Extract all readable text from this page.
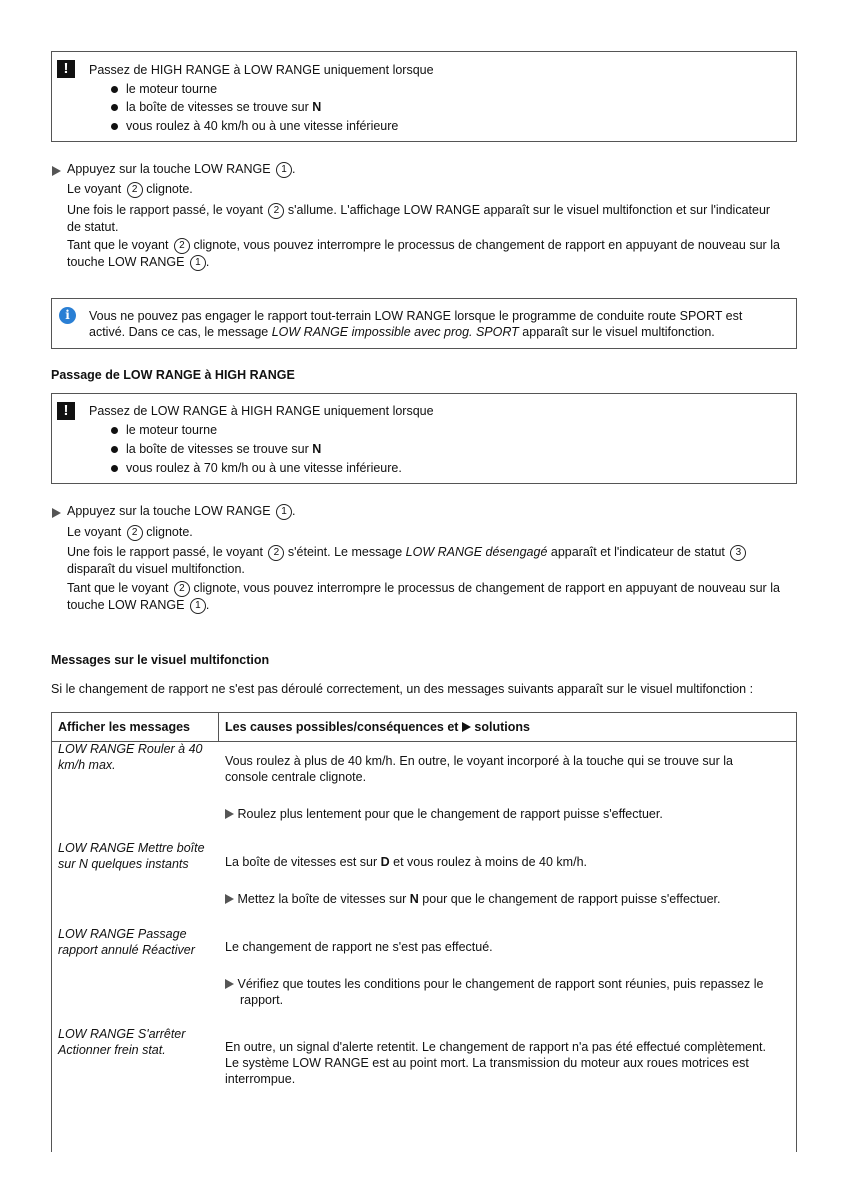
!	Passez de HIGH RANGE à LOW RANGE uniquement lorsque
le moteur tourne
la boîte de vitesses se trouve sur N
vous roulez à 40 km/h ou à une vitesse inférieure
Appuyez sur la touche LOW RANGE 1 .
Le voyant 2 clignote.
Une fois le rapport passé, le voyant 2 s'allume. L'affichage LOW RANGE apparaît sur le visuel multifonction et sur l'indicateur
de statut.
Tant que le voyant 2 clignote, vous pouvez interrompre le processus de changement de rapport en appuyant de nouveau sur la
touche LOW RANGE 1 .
i	Vous ne pouvez pas engager le rapport tout-terrain LOW RANGE lorsque le programme de conduite route SPORT est
activé. Dans ce cas, le message LOW RANGE impossible avec prog. SPORT apparaît sur le visuel multifonction.
Passage de LOW RANGE à HIGH RANGE
!	Passez de LOW RANGE à HIGH RANGE uniquement lorsque
le moteur tourne
la boîte de vitesses se trouve sur N
vous roulez à 70 km/h ou à une vitesse inférieure.
Appuyez sur la touche LOW RANGE 1 .
Le voyant 2 clignote.
Une fois le rapport passé, le voyant 2 s'éteint. Le message LOW RANGE désengagé apparaît et l'indicateur de statut 3
disparaît du visuel multifonction.
Tant que le voyant 2 clignote, vous pouvez interrompre le processus de changement de rapport en appuyant de nouveau sur la
touche LOW RANGE 1 .
Messages sur le visuel multifonction
Si le changement de rapport ne s'est pas déroulé correctement, un des messages suivants apparaît sur le visuel multifonction :
Afficher les messages	Les causes possibles/conséquences et solutions
LOW RANGE Rouler à 40
km/h max.	Vous roulez à plus de 40 km/h. En outre, le voyant incorporé à la touche qui se trouve sur la
console centrale clignote.
Roulez plus lentement pour que le changement de rapport puisse s'effectuer.
LOW RANGE Mettre boîte
sur N quelques instants	La boîte de vitesses est sur D et vous roulez à moins de 40 km/h.
Mettez la boîte de vitesses sur N pour que le changement de rapport puisse s'effectuer.
LOW RANGE Passage
rapport annulé Réactiver	Le changement de rapport ne s'est pas effectué.
Vérifiez que toutes les conditions pour le changement de rapport sont réunies, puis repassez le
rapport.
LOW RANGE S'arrêter
Actionner frein stat.	En outre, un signal d'alerte retentit. Le changement de rapport n'a pas été effectué complètement.
Le système LOW RANGE est au point mort. La transmission du moteur aux roues motrices est
interrompue.
